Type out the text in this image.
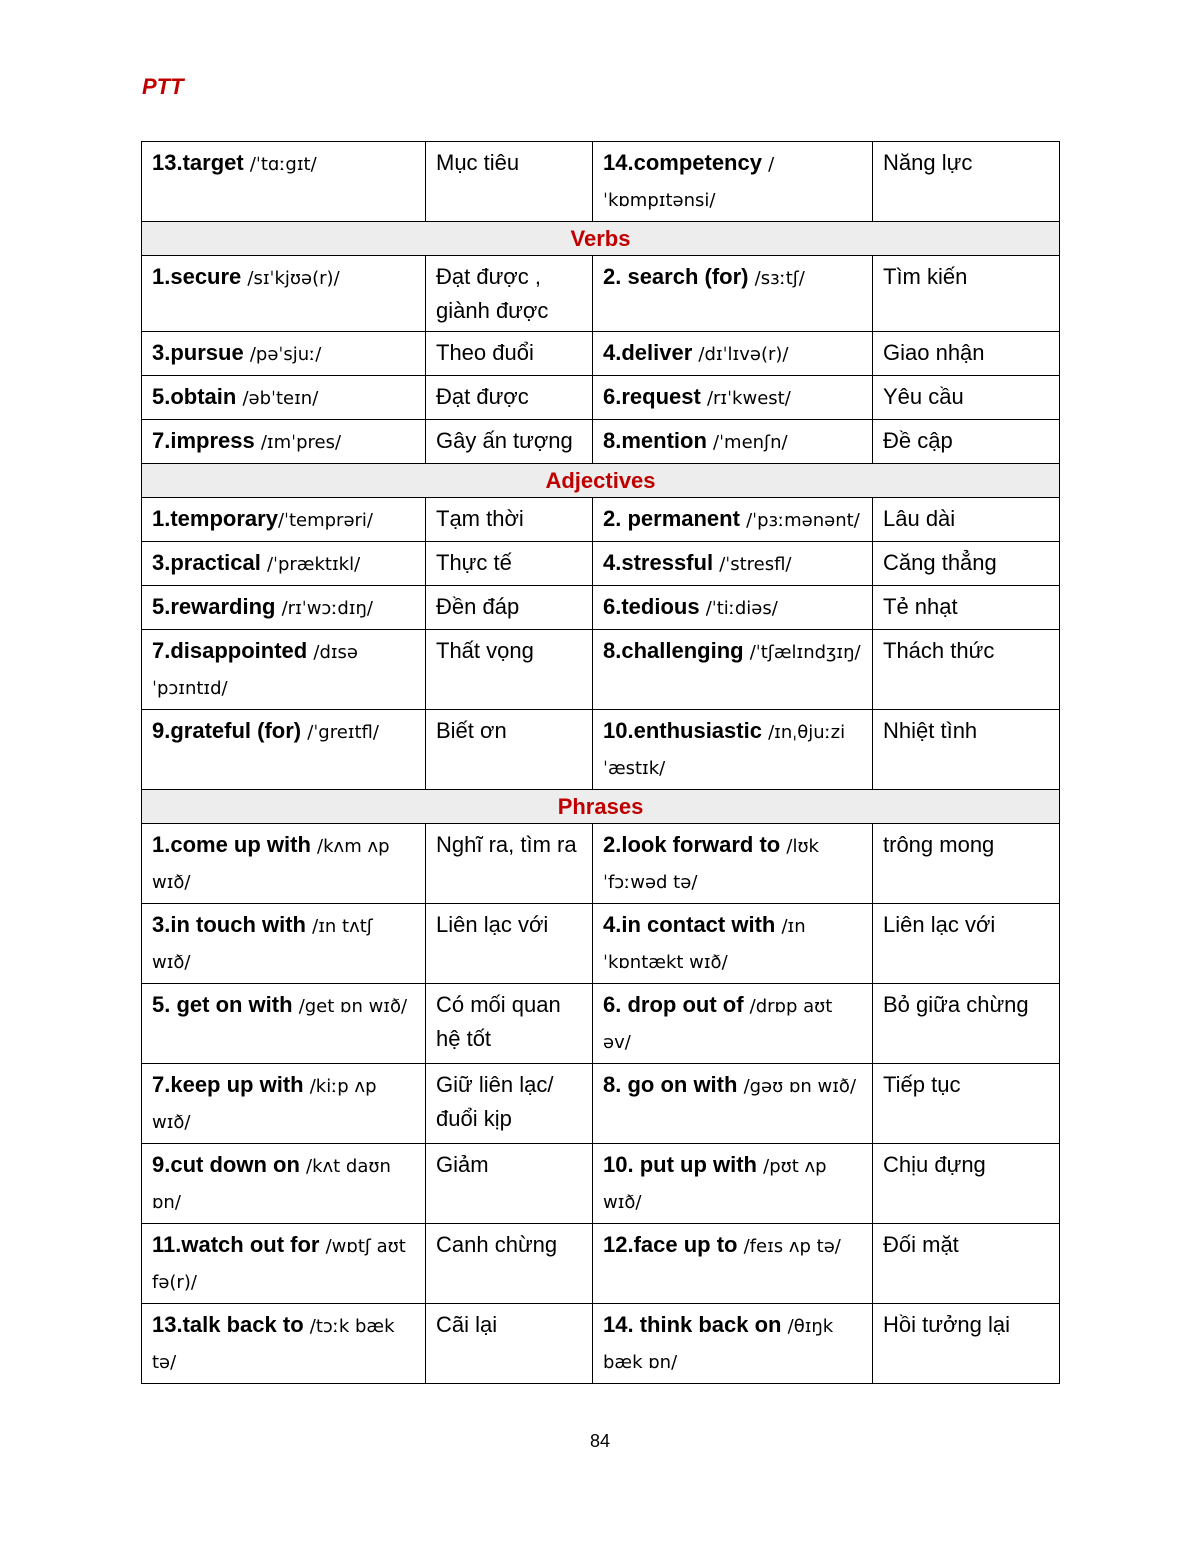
PTT
13.target /ˈtɑːgɪt/	Mục tiêu	14.competency /ˈkɒmpɪtənsi/	Năng lực
Verbs			
1.secure /sɪˈkjʊə(r)/	Đạt được , giành được	2. search (for) /sɜːtʃ/	Tìm kiến
3.pursue /pəˈsjuː/	Theo đuổi	4.deliver /dɪˈlɪvə(r)/	Giao nhận
5.obtain /əbˈteɪn/	Đạt được	6.request /rɪˈkwest/	Yêu cầu
7.impress /ɪmˈpres/	Gây ấn tượng	8.mention /ˈmenʃn/	Đề cập
Adjectives			
1.temporary/ˈtemprəri/	Tạm thời	2. permanent /ˈpɜːmənənt/	Lâu dài
3.practical /ˈpræktɪkl/	Thực tế	4.stressful /ˈstresfl/	Căng thẳng
5.rewarding /rɪˈwɔːdɪŋ/	Đền đáp	6.tedious /ˈtiːdiəs/	Tẻ nhạt
7.disappointed /dɪsəˈpɔɪntɪd/	Thất vọng	8.challenging /ˈtʃælɪndʒɪŋ/	Thách thức
9.grateful (for) /ˈgreɪtfl/	Biết ơn	10.enthusiastic /ɪnˌθjuːziˈæstɪk/	Nhiệt tình
Phrases			
1.come up with /kʌm ʌp wɪð/	Nghĩ ra, tìm ra	2.look forward to /lʊk ˈfɔːwəd tə/	trông mong
3.in touch with /ɪn tʌtʃ wɪð/	Liên lạc với	4.in contact with /ɪn ˈkɒntækt wɪð/	Liên lạc với
5. get on with /get ɒn wɪð/	Có mối quan hệ tốt	6. drop out of /drɒp aʊt əv/	Bỏ giữa chừng
7.keep up with /kiːp ʌp wɪð/	Giữ liên lạc/đuổi kịp	8. go on with /gəʊ ɒn wɪð/	Tiếp tục
9.cut down on /kʌt daʊn ɒn/	Giảm	10. put up with /pʊt ʌp wɪð/	Chịu đựng
11.watch out for /wɒtʃ aʊt fə(r)/	Canh chừng	12.face up to /feɪs ʌp tə/	Đối mặt
13.talk back to /tɔːk bæk tə/	Cãi lại	14. think back on /θɪŋk bæk ɒn/	Hồi tưởng lại
84
